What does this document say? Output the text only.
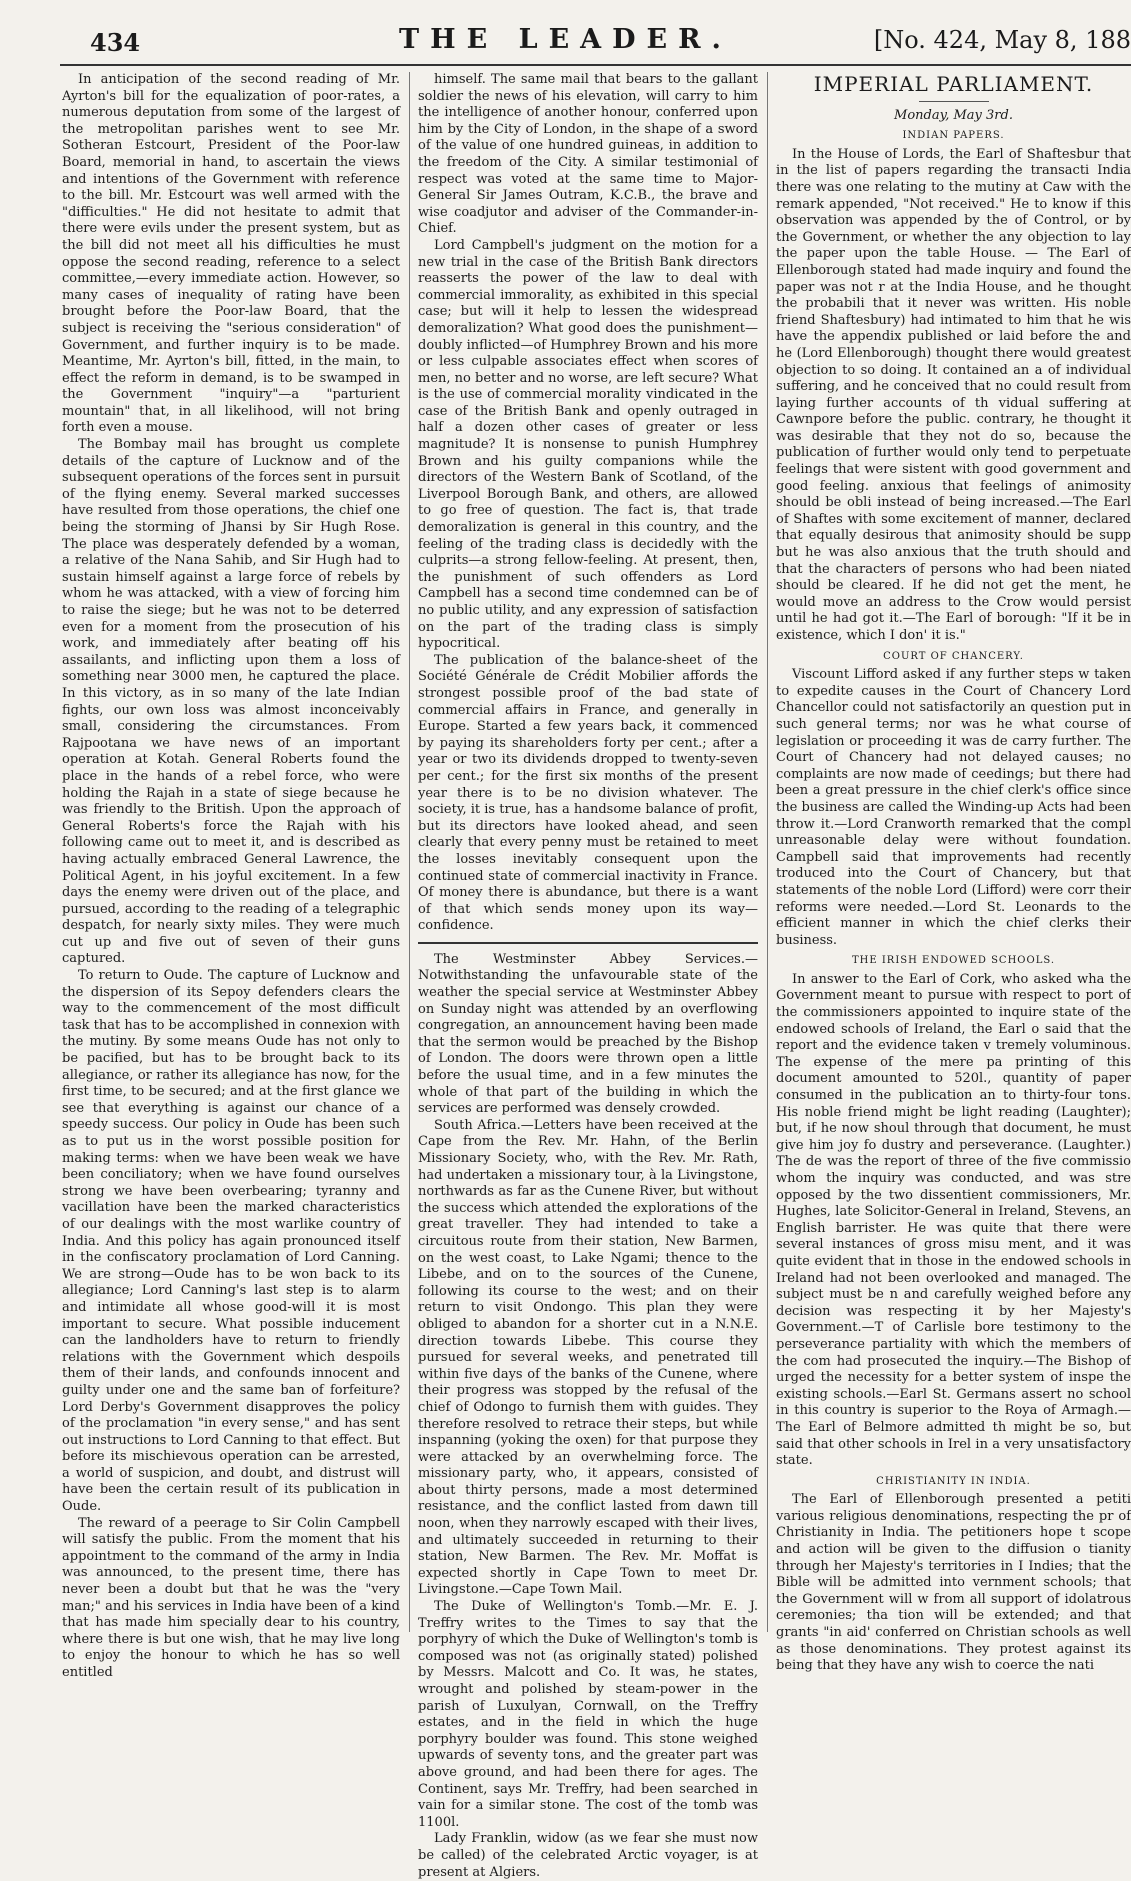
434	THE LEADER.	[No. 424, May 8, 188

In anticipation of the second reading of Mr. Ayrton's bill for the equalization of poor-rates, a numerous deputation from some of the largest of the metropolitan parishes went to see Mr. Sotheran Estcourt, President of the Poor-law Board, memorial in hand, to ascertain the views and intentions of the Government with reference to the bill. Mr. Estcourt was well armed with the "difficulties." He did not hesitate to admit that there were evils under the present system, but as the bill did not meet all his difficulties he must oppose the second reading, reference to a select committee,—every immediate action. However, so many cases of inequality of rating have been brought before the Poor-law Board, that the subject is receiving the "serious consideration" of Government, and further inquiry is to be made. Meantime, Mr. Ayrton's bill, fitted, in the main, to effect the reform in demand, is to be swamped in the Government "inquiry"—a "parturient mountain" that, in all likelihood, will not bring forth even a mouse.

The Bombay mail has brought us complete details of the capture of Lucknow and of the subsequent operations of the forces sent in pursuit of the flying enemy. Several marked successes have resulted from those operations, the chief one being the storming of Jhansi by Sir Hugh Rose. The place was desperately defended by a woman, a relative of the Nana Sahib, and Sir Hugh had to sustain himself against a large force of rebels by whom he was attacked, with a view of forcing him to raise the siege; but he was not to be deterred even for a moment from the prosecution of his work, and immediately after beating off his assailants, and inflicting upon them a loss of something near 3000 men, he captured the place. In this victory, as in so many of the late Indian fights, our own loss was almost inconceivably small, considering the circumstances. From Rajpootana we have news of an important operation at Kotah. General Roberts found the place in the hands of a rebel force, who were holding the Rajah in a state of siege because he was friendly to the British. Upon the approach of General Roberts's force the Rajah with his following came out to meet it, and is described as having actually embraced General Lawrence, the Political Agent, in his joyful excitement. In a few days the enemy were driven out of the place, and pursued, according to the reading of a telegraphic despatch, for nearly sixty miles. They were much cut up and five out of seven of their guns captured.

To return to Oude. The capture of Lucknow and the dispersion of its Sepoy defenders clears the way to the commencement of the most difficult task that has to be accomplished in connexion with the mutiny. By some means Oude has not only to be pacified, but has to be brought back to its allegiance, or rather its allegiance has now, for the first time, to be secured; and at the first glance we see that everything is against our chance of a speedy success. Our policy in Oude has been such as to put us in the worst possible position for making terms: when we have been weak we have been conciliatory; when we have found ourselves strong we have been overbearing; tyranny and vacillation have been the marked characteristics of our dealings with the most warlike country of India. And this policy has again pronounced itself in the confiscatory proclamation of Lord Canning. We are strong—Oude has to be won back to its allegiance; Lord Canning's last step is to alarm and intimidate all whose good-will it is most important to secure. What possible inducement can the landholders have to return to friendly relations with the Government which despoils them of their lands, and confounds innocent and guilty under one and the same ban of forfeiture? Lord Derby's Government disapproves the policy of the proclamation "in every sense," and has sent out instructions to Lord Canning to that effect. But before its mischievous operation can be arrested, a world of suspicion, and doubt, and distrust will have been the certain result of its publication in Oude.

The reward of a peerage to Sir Colin Campbell will satisfy the public. From the moment that his appointment to the command of the army in India was announced, to the present time, there has never been a doubt but that he was the "very man;" and his services in India have been of a kind that has made him specially dear to his country, where there is but one wish, that he may live long to enjoy the honour to which he has so well entitled

himself. The same mail that bears to the gallant soldier the news of his elevation, will carry to him the intelligence of another honour, conferred upon him by the City of London, in the shape of a sword of the value of one hundred guineas, in addition to the freedom of the City. A similar testimonial of respect was voted at the same time to Major-General Sir James Outram, K.C.B., the brave and wise coadjutor and adviser of the Commander-in-Chief.

Lord Campbell's judgment on the motion for a new trial in the case of the British Bank directors reasserts the power of the law to deal with commercial immorality, as exhibited in this special case; but will it help to lessen the widespread demoralization? What good does the punishment—doubly inflicted—of Humphrey Brown and his more or less culpable associates effect when scores of men, no better and no worse, are left secure? What is the use of commercial morality vindicated in the case of the British Bank and openly outraged in half a dozen other cases of greater or less magnitude? It is nonsense to punish Humphrey Brown and his guilty companions while the directors of the Western Bank of Scotland, of the Liverpool Borough Bank, and others, are allowed to go free of question. The fact is, that trade demoralization is general in this country, and the feeling of the trading class is decidedly with the culprits—a strong fellow-feeling. At present, then, the punishment of such offenders as Lord Campbell has a second time condemned can be of no public utility, and any expression of satisfaction on the part of the trading class is simply hypocritical.

The publication of the balance-sheet of the Société Générale de Crédit Mobilier affords the strongest possible proof of the bad state of commercial affairs in France, and generally in Europe. Started a few years back, it commenced by paying its shareholders forty per cent.; after a year or two its dividends dropped to twenty-seven per cent.; for the first six months of the present year there is to be no division whatever. The society, it is true, has a handsome balance of profit, but its directors have looked ahead, and seen clearly that every penny must be retained to meet the losses inevitably consequent upon the continued state of commercial inactivity in France. Of money there is abundance, but there is a want of that which sends money upon its way—confidence.

The Westminster Abbey Services.—Notwithstanding the unfavourable state of the weather the special service at Westminster Abbey on Sunday night was attended by an overflowing congregation, an announcement having been made that the sermon would be preached by the Bishop of London. The doors were thrown open a little before the usual time, and in a few minutes the whole of that part of the building in which the services are performed was densely crowded.

South Africa.—Letters have been received at the Cape from the Rev. Mr. Hahn, of the Berlin Missionary Society, who, with the Rev. Mr. Rath, had undertaken a missionary tour, à la Livingstone, northwards as far as the Cunene River, but without the success which attended the explorations of the great traveller. They had intended to take a circuitous route from their station, New Barmen, on the west coast, to Lake Ngami; thence to the Libebe, and on to the sources of the Cunene, following its course to the west; and on their return to visit Ondongo. This plan they were obliged to abandon for a shorter cut in a N.N.E. direction towards Libebe. This course they pursued for several weeks, and penetrated till within five days of the banks of the Cunene, where their progress was stopped by the refusal of the chief of Odongo to furnish them with guides. They therefore resolved to retrace their steps, but while inspanning (yoking the oxen) for that purpose they were attacked by an overwhelming force. The missionary party, who, it appears, consisted of about thirty persons, made a most determined resistance, and the conflict lasted from dawn till noon, when they narrowly escaped with their lives, and ultimately succeeded in returning to their station, New Barmen. The Rev. Mr. Moffat is expected shortly in Cape Town to meet Dr. Livingstone.—Cape Town Mail.

The Duke of Wellington's Tomb.—Mr. E. J. Treffry writes to the Times to say that the porphyry of which the Duke of Wellington's tomb is composed was not (as originally stated) polished by Messrs. Malcott and Co. It was, he states, wrought and polished by steam-power in the parish of Luxulyan, Cornwall, on the Treffry estates, and in the field in which the huge porphyry boulder was found. This stone weighed upwards of seventy tons, and the greater part was above ground, and had been there for ages. The Continent, says Mr. Treffry, had been searched in vain for a similar stone. The cost of the tomb was 1100l.

Lady Franklin, widow (as we fear she must now be called) of the celebrated Arctic voyager, is at present at Algiers.

IMPERIAL PARLIAMENT.
Monday, May 3rd.
INDIAN PAPERS.

In the House of Lords, the Earl of Shaftesbur that in the list of papers regarding the transacti India there was one relating to the mutiny at Caw with the remark appended, "Not received." He to know if this observation was appended by the of Control, or by the Government, or whether the any objection to lay the paper upon the table House. — The Earl of Ellenborough stated had made inquiry and found the paper was not r at the India House, and he thought the probabili that it never was written. His noble friend Shaftesbury) had intimated to him that he wis have the appendix published or laid before the and he (Lord Ellenborough) thought there would greatest objection to so doing. It contained an a of individual suffering, and he conceived that no could result from laying further accounts of th vidual suffering at Cawnpore before the public. contrary, he thought it was desirable that they not do so, because the publication of further would only tend to perpetuate feelings that were sistent with good government and good feeling. anxious that feelings of animosity should be obli instead of being increased.—The Earl of Shaftes with some excitement of manner, declared that equally desirous that animosity should be supp but he was also anxious that the truth should and that the characters of persons who had been niated should be cleared. If he did not get the ment, he would move an address to the Crow would persist until he had got it.—The Earl of borough: "If it be in existence, which I don' it is."

COURT OF CHANCERY.

Viscount Lifford asked if any further steps w taken to expedite causes in the Court of Chancery Lord Chancellor could not satisfactorily an question put in such general terms; nor was he what course of legislation or proceeding it was de carry further. The Court of Chancery had not delayed causes; no complaints are now made of ceedings; but there had been a great pressure in the chief clerk's office since the business are called the Winding-up Acts had been throw it.—Lord Cranworth remarked that the compl unreasonable delay were without foundation. Campbell said that improvements had recently troduced into the Court of Chancery, but that statements of the noble Lord (Lifford) were corr their reforms were needed.—Lord St. Leonards to the efficient manner in which the chief clerks their business.

THE IRISH ENDOWED SCHOOLS.

In answer to the Earl of Cork, who asked wha the Government meant to pursue with respect to port of the commissioners appointed to inquire state of the endowed schools of Ireland, the Earl o said that the report and the evidence taken v tremely voluminous. The expense of the mere pa printing of this document amounted to 520l., quantity of paper consumed in the publication an to thirty-four tons. His noble friend might be light reading (Laughter); but, if he now shoul through that document, he must give him joy fo dustry and perseverance. (Laughter.) The de was the report of three of the five commissio whom the inquiry was conducted, and was stre opposed by the two dissentient commissioners, Mr. Hughes, late Solicitor-General in Ireland, Stevens, an English barrister. He was quite that there were several instances of gross misu ment, and it was quite evident that in those in the endowed schools in Ireland had not been overlooked and managed. The subject must be n and carefully weighed before any decision was respecting it by her Majesty's Government.—T of Carlisle bore testimony to the perseverance partiality with which the members of the com had prosecuted the inquiry.—The Bishop of urged the necessity for a better system of inspe the existing schools.—Earl St. Germans assert no school in this country is superior to the Roya of Armagh.—The Earl of Belmore admitted th might be so, but said that other schools in Irel in a very unsatisfactory state.

CHRISTIANITY IN INDIA.

The Earl of Ellenborough presented a petiti various religious denominations, respecting the pr of Christianity in India. The petitioners hope t scope and action will be given to the diffusion o tianity through her Majesty's territories in I Indies; that the Bible will be admitted into vernment schools; that the Government will w from all support of idolatrous ceremonies; tha tion will be extended; and that grants "in aid' conferred on Christian schools as well as those denominations. They protest against its being that they have any wish to coerce the nati
